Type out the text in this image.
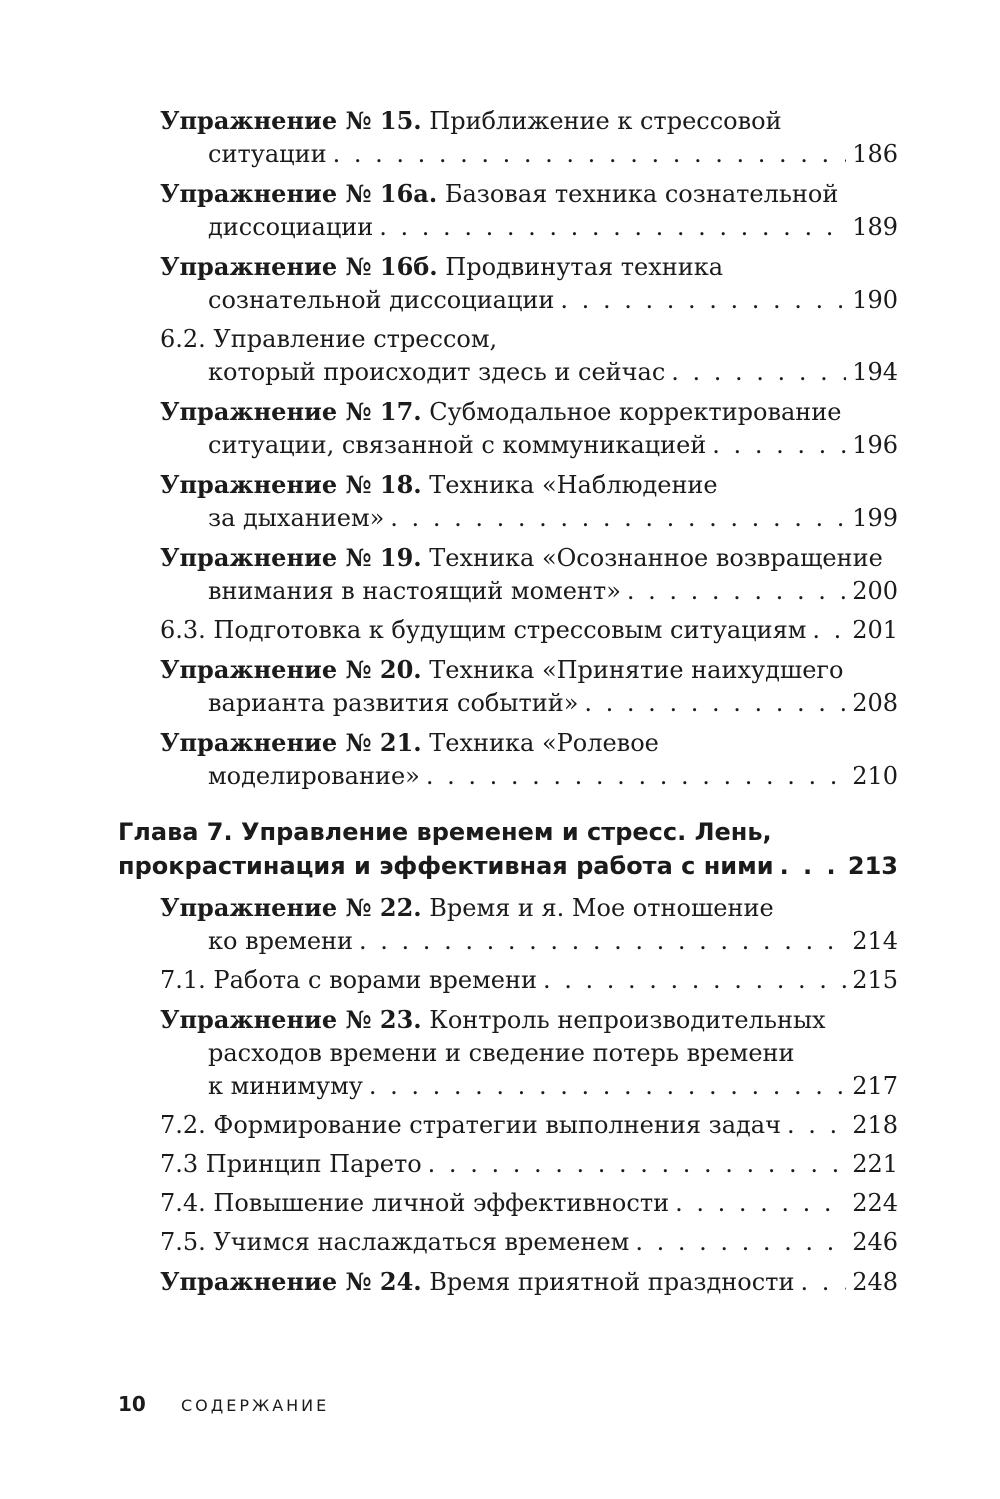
Упражнение № 15. Приближение к стрессовой
ситуации . . .	186
Упражнение № 16а. Базовая техника сознательной
диссоциации . . .	189
Упражнение № 16б. Продвинутая техника
сознательной диссоциации . . .	190
6.2. Управление стрессом,
который происходит здесь и сейчас . . .	194
Упражнение № 17. Субмодальное корректирование
ситуации, связанной с коммуникацией . . .	196
Упражнение № 18. Техника «Наблюдение
за дыханием» . . .	199
Упражнение № 19. Техника «Осознанное возвращение
внимания в настоящий момент» . . .	200
6.3. Подготовка к будущим стрессовым ситуациям . . . 201
Упражнение № 20. Техника «Принятие наихудшего
варианта развития событий» . . .	208
Упражнение № 21. Техника «Ролевое
моделирование» . . .	210
Глава 7. Управление временем и стресс. Лень,
прокрастинация и эффективная работа с ними . . .	213
Упражнение № 22. Время и я. Мое отношение
ко времени . . .	214
7.1. Работа с ворами времени . . .	215
Упражнение № 23. Контроль непроизводительных
расходов времени и сведение потерь времени
к минимуму . . .	217
7.2. Формирование стратегии выполнения задач . . .	218
7.3 Принцип Парето . . .	221
7.4. Повышение личной эффективности . . .	224
7.5. Учимся наслаждаться временем . . .	246
Упражнение № 24. Время приятной праздности . . . 248
10 СОДЕРЖАНИЕ
